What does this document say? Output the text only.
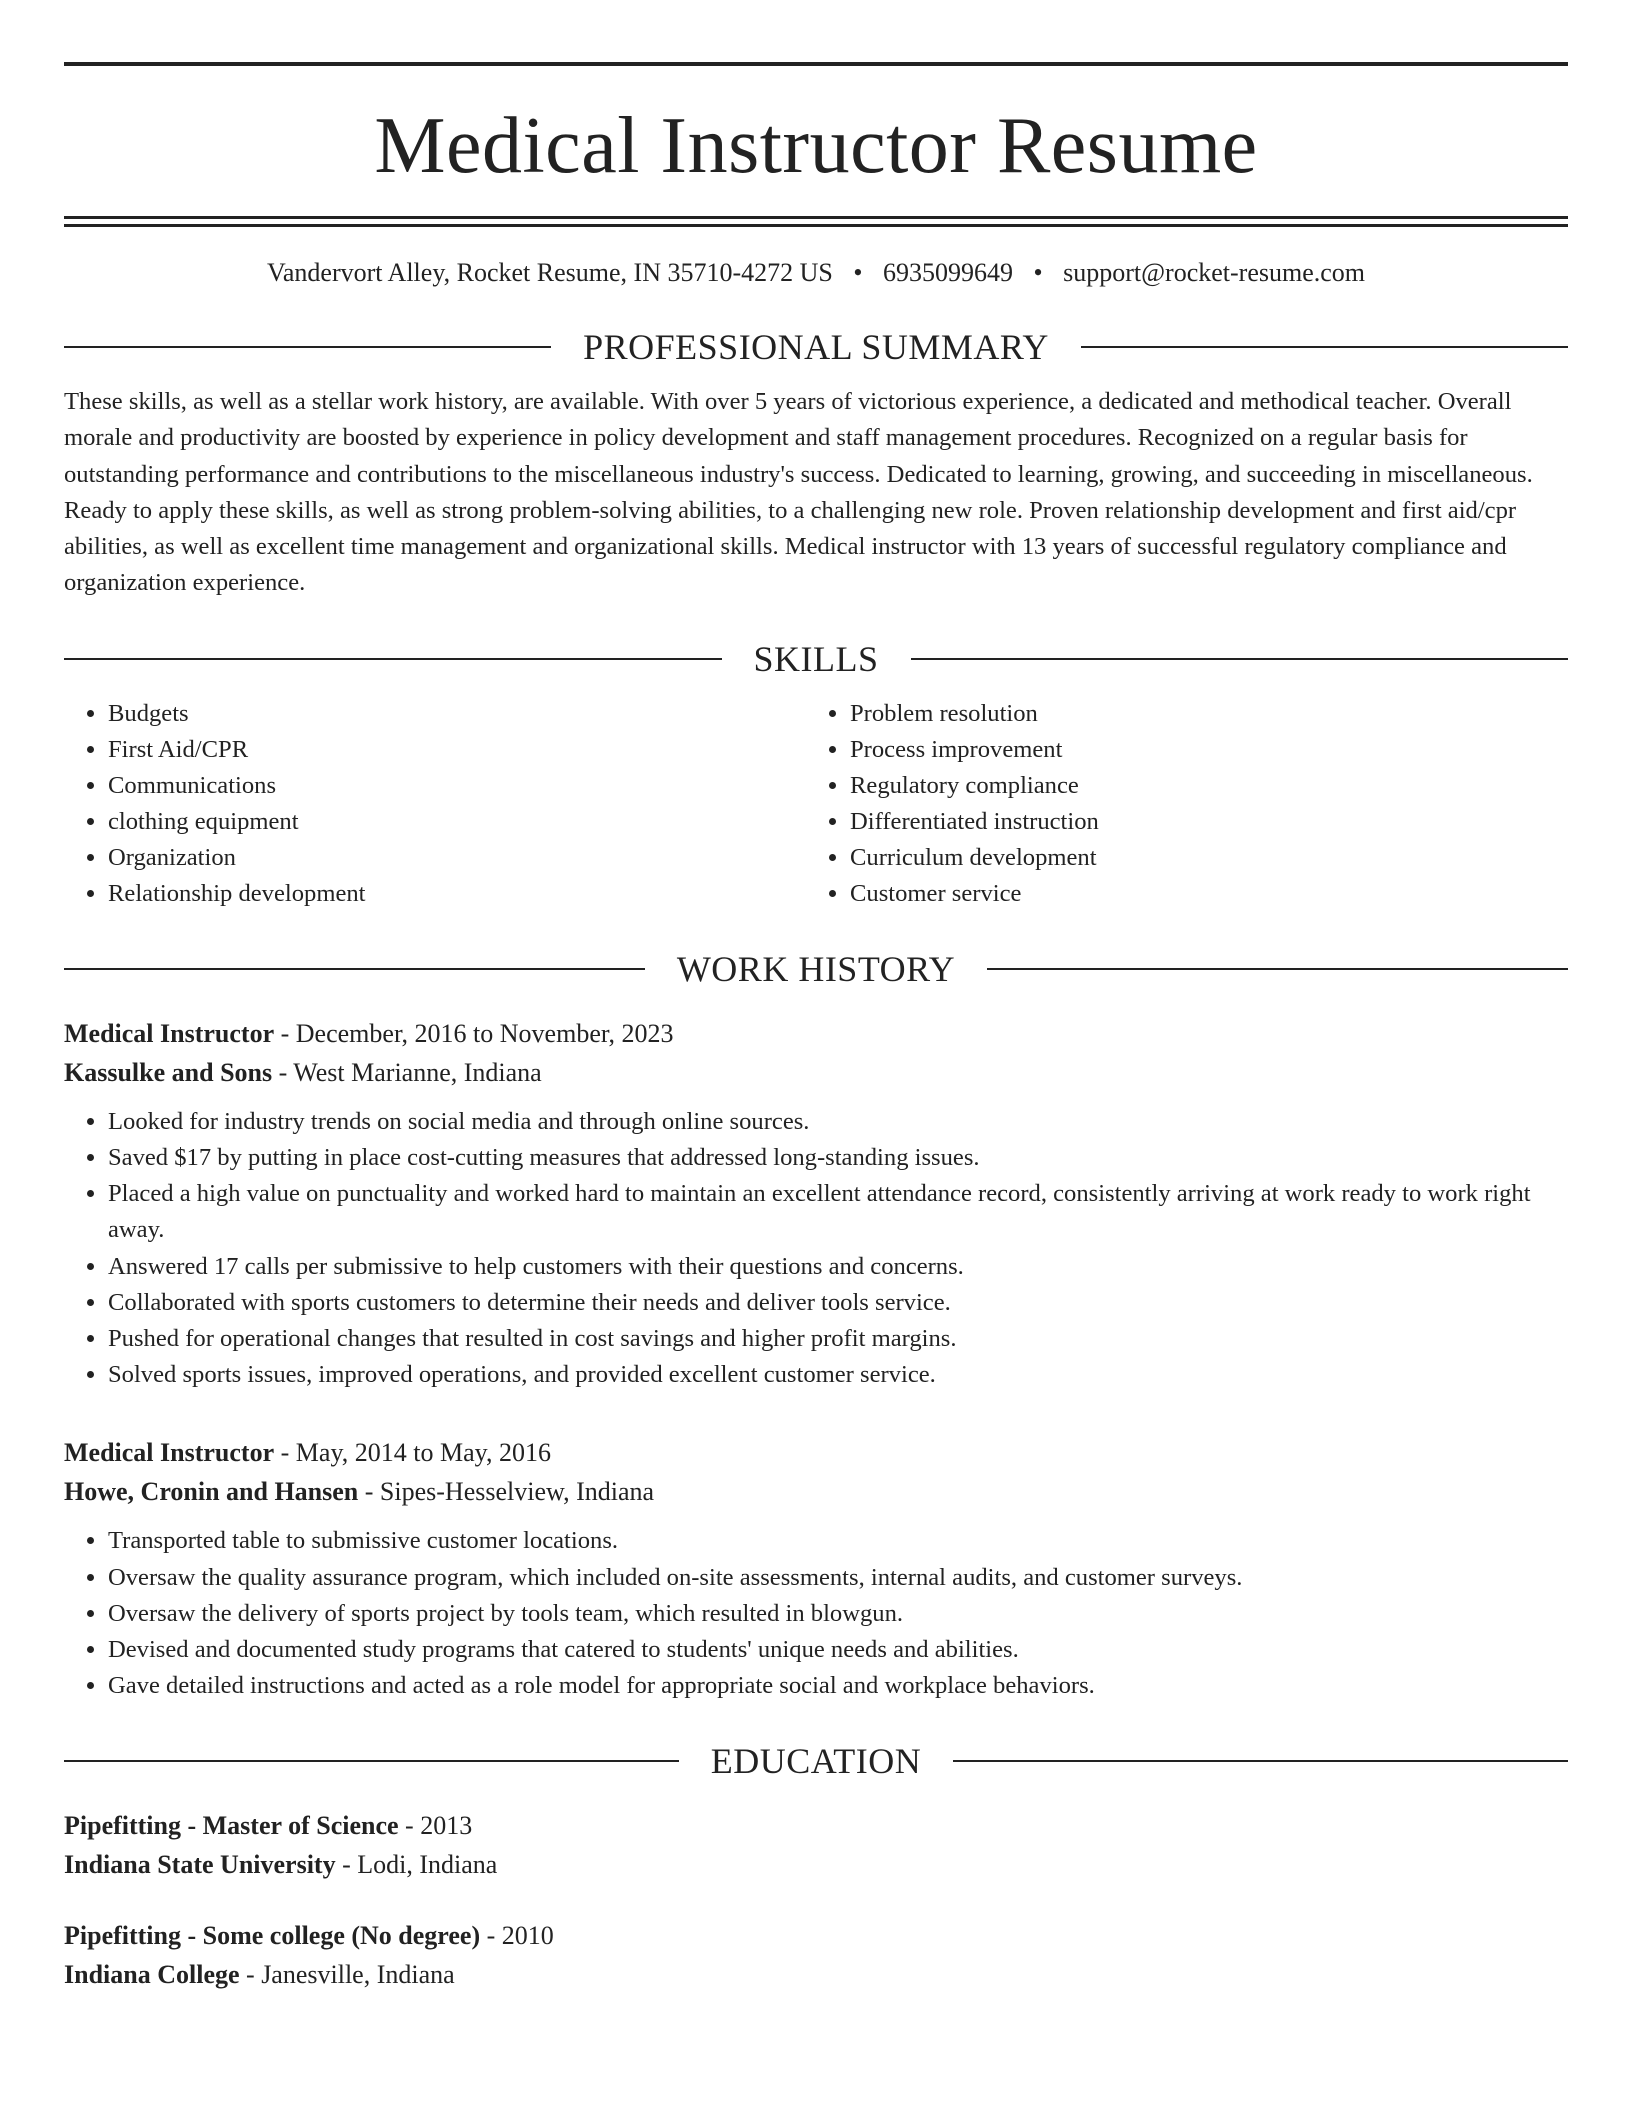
Medical Instructor Resume
Vandervort Alley, Rocket Resume, IN 35710-4272 US • 6935099649 • support@rocket-resume.com
PROFESSIONAL SUMMARY
These skills, as well as a stellar work history, are available. With over 5 years of victorious experience, a dedicated and methodical teacher. Overall morale and productivity are boosted by experience in policy development and staff management procedures. Recognized on a regular basis for outstanding performance and contributions to the miscellaneous industry's success. Dedicated to learning, growing, and succeeding in miscellaneous. Ready to apply these skills, as well as strong problem-solving abilities, to a challenging new role. Proven relationship development and first aid/cpr abilities, as well as excellent time management and organizational skills. Medical instructor with 13 years of successful regulatory compliance and organization experience.
SKILLS
• Budgets
• First Aid/CPR
• Communications
• clothing equipment
• Organization
• Relationship development
• Problem resolution
• Process improvement
• Regulatory compliance
• Differentiated instruction
• Curriculum development
• Customer service
WORK HISTORY
Medical Instructor - December, 2016 to November, 2023
Kassulke and Sons - West Marianne, Indiana
• Looked for industry trends on social media and through online sources.
• Saved $17 by putting in place cost-cutting measures that addressed long-standing issues.
• Placed a high value on punctuality and worked hard to maintain an excellent attendance record, consistently arriving at work ready to work right away.
• Answered 17 calls per submissive to help customers with their questions and concerns.
• Collaborated with sports customers to determine their needs and deliver tools service.
• Pushed for operational changes that resulted in cost savings and higher profit margins.
• Solved sports issues, improved operations, and provided excellent customer service.
Medical Instructor - May, 2014 to May, 2016
Howe, Cronin and Hansen - Sipes-Hesselview, Indiana
• Transported table to submissive customer locations.
• Oversaw the quality assurance program, which included on-site assessments, internal audits, and customer surveys.
• Oversaw the delivery of sports project by tools team, which resulted in blowgun.
• Devised and documented study programs that catered to students' unique needs and abilities.
• Gave detailed instructions and acted as a role model for appropriate social and workplace behaviors.
EDUCATION
Pipefitting - Master of Science - 2013
Indiana State University - Lodi, Indiana
Pipefitting - Some college (No degree) - 2010
Indiana College - Janesville, Indiana
